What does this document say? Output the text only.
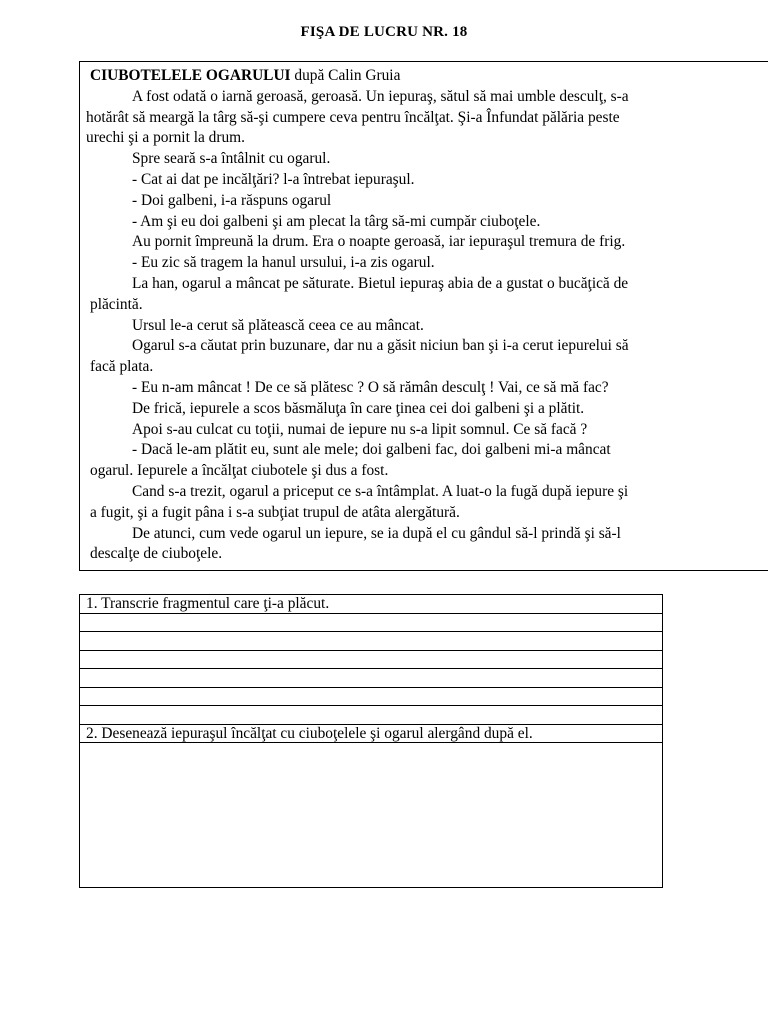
FIŞA DE LUCRU NR. 18
CIUBOTELELE OGARULUI după Calin Gruia
A fost odată o iarnă geroasă, geroasă. Un iepuraş, sătul să mai umble desculţ, s-a
hotărât să meargă la târg să-şi cumpere ceva pentru încălţat. Şi-a Înfundat pălăria peste
urechi şi a pornit la drum.
Spre seară s-a întâlnit cu ogarul.
- Cat ai dat pe incălţări? l-a întrebat iepuraşul.
- Doi galbeni, i-a răspuns ogarul
- Am şi eu doi galbeni şi am plecat la târg să-mi cumpăr ciuboţele.
Au pornit împreună la drum. Era o noapte geroasă, iar iepuraşul tremura de frig.
- Eu zic să tragem la hanul ursului, i-a zis ogarul.
La han, ogarul a mâncat pe săturate. Bietul iepuraş abia de a gustat o bucăţică de
plăcintă.
Ursul le-a cerut să plătească ceea ce au mâncat.
Ogarul s-a căutat prin buzunare, dar nu a găsit niciun ban şi i-a cerut iepurelui să
facă plata.
- Eu n-am mâncat ! De ce să plătesc ? O să rămân desculţ ! Vai, ce să mă fac?
De frică, iepurele a scos băsmăluţa în care ţinea cei doi galbeni şi a plătit.
Apoi s-au culcat cu toţii, numai de iepure nu s-a lipit somnul. Ce să facă ?
- Dacă le-am plătit eu, sunt ale mele; doi galbeni fac, doi galbeni mi-a mâncat
ogarul. Iepurele a încălţat ciubotele şi dus a fost.
Cand s-a trezit, ogarul a priceput ce s-a întâmplat. A luat-o la fugă după iepure şi
a fugit, şi a fugit pâna i s-a subţiat trupul de atâta alergătură.
De atunci, cum vede ogarul un iepure, se ia după el cu gândul să-l prindă şi să-l
descalţe de ciuboţele.
1. Transcrie fragmentul care ţi-a plăcut.
2. Desenează iepuraşul încălţat cu ciuboţelele şi ogarul alergând după el.
